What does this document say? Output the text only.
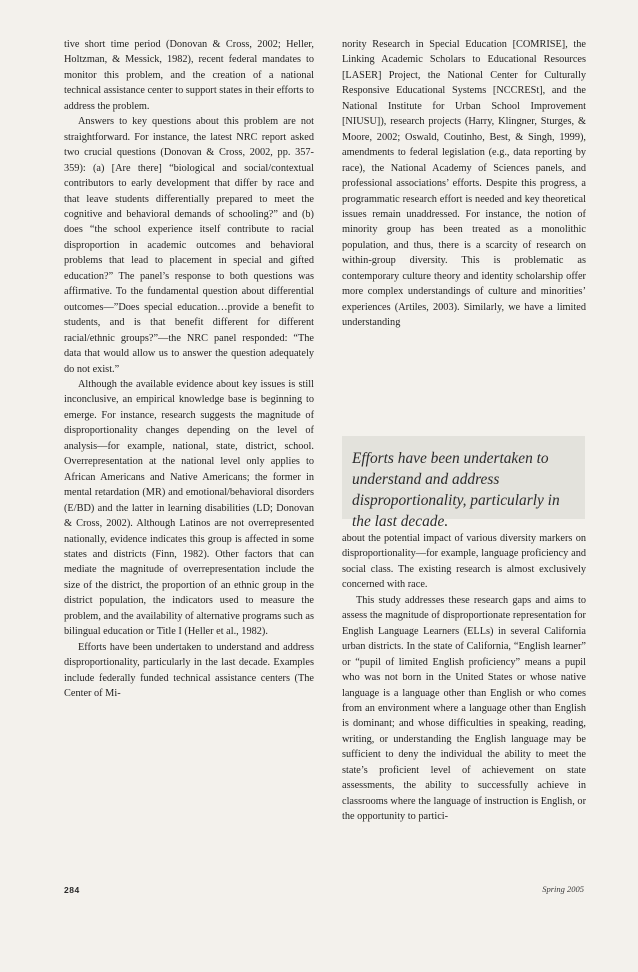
tive short time period (Donovan & Cross, 2002; Heller, Holtzman, & Messick, 1982), recent federal mandates to monitor this problem, and the creation of a national technical assistance center to support states in their efforts to address the problem.

Answers to key questions about this problem are not straightforward. For instance, the latest NRC report asked two crucial questions (Donovan & Cross, 2002, pp. 357-359): (a) [Are there] “biological and social/contextual contributors to early development that differ by race and that leave students differentially prepared to meet the cognitive and behavioral demands of schooling?” and (b) does “the school experience itself contribute to racial disproportion in academic outcomes and behavioral problems that lead to placement in special and gifted education?” The panel’s response to both questions was affirmative. To the fundamental question about differential outcomes—”Does special education…provide a benefit to students, and is that benefit different for different racial/ethnic groups?”—the NRC panel responded: “The data that would allow us to answer the question adequately do not exist.”

Although the available evidence about key issues is still inconclusive, an empirical knowledge base is beginning to emerge. For instance, research suggests the magnitude of disproportionality changes depending on the level of analysis—for example, national, state, district, school. Overrepresentation at the national level only applies to African Americans and Native Americans; the former in mental retardation (MR) and emotional/behavioral disorders (E/BD) and the latter in learning disabilities (LD; Donovan & Cross, 2002). Although Latinos are not overrepresented nationally, evidence indicates this group is affected in some states and districts (Finn, 1982). Other factors that can mediate the magnitude of overrepresentation include the size of the district, the proportion of an ethnic group in the district population, the indicators used to measure the problem, and the availability of alternative programs such as bilingual education or Title I (Heller et al., 1982).

Efforts have been undertaken to understand and address disproportionality, particularly in the last decade. Examples include federally funded technical assistance centers (The Center of Mi-

nority Research in Special Education [COMRISE], the Linking Academic Scholars to Educational Resources [LASER] Project, the National Center for Culturally Responsive Educational Systems [NCCRESt], and the National Institute for Urban School Improvement [NIUSU]), research projects (Harry, Klingner, Sturges, & Moore, 2002; Oswald, Coutinho, Best, & Singh, 1999), amendments to federal legislation (e.g., data reporting by race), the National Academy of Sciences panels, and professional associations’ efforts. Despite this progress, a programmatic research effort is needed and key theoretical issues remain unaddressed. For instance, the notion of minority group has been treated as a monolithic population, and thus, there is a scarcity of research on within-group diversity. This is problematic as contemporary culture theory and identity scholarship offer more complex understandings of culture and minorities’ experiences (Artiles, 2003). Similarly, we have a limited understanding

Efforts have been undertaken to understand and address disproportionality, particularly in the last decade.

about the potential impact of various diversity markers on disproportionality—for example, language proficiency and social class. The existing research is almost exclusively concerned with race.

This study addresses these research gaps and aims to assess the magnitude of disproportionate representation for English Language Learners (ELLs) in several California urban districts. In the state of California, “English learner” or “pupil of limited English proficiency” means a pupil who was not born in the United States or whose native language is a language other than English or who comes from an environment where a language other than English is dominant; and whose difficulties in speaking, reading, writing, or understanding the English language may be sufficient to deny the individual the ability to meet the state’s proficient level of achievement on state assessments, the ability to successfully achieve in classrooms where the language of instruction is English, or the opportunity to partici-

284	Spring 2005
